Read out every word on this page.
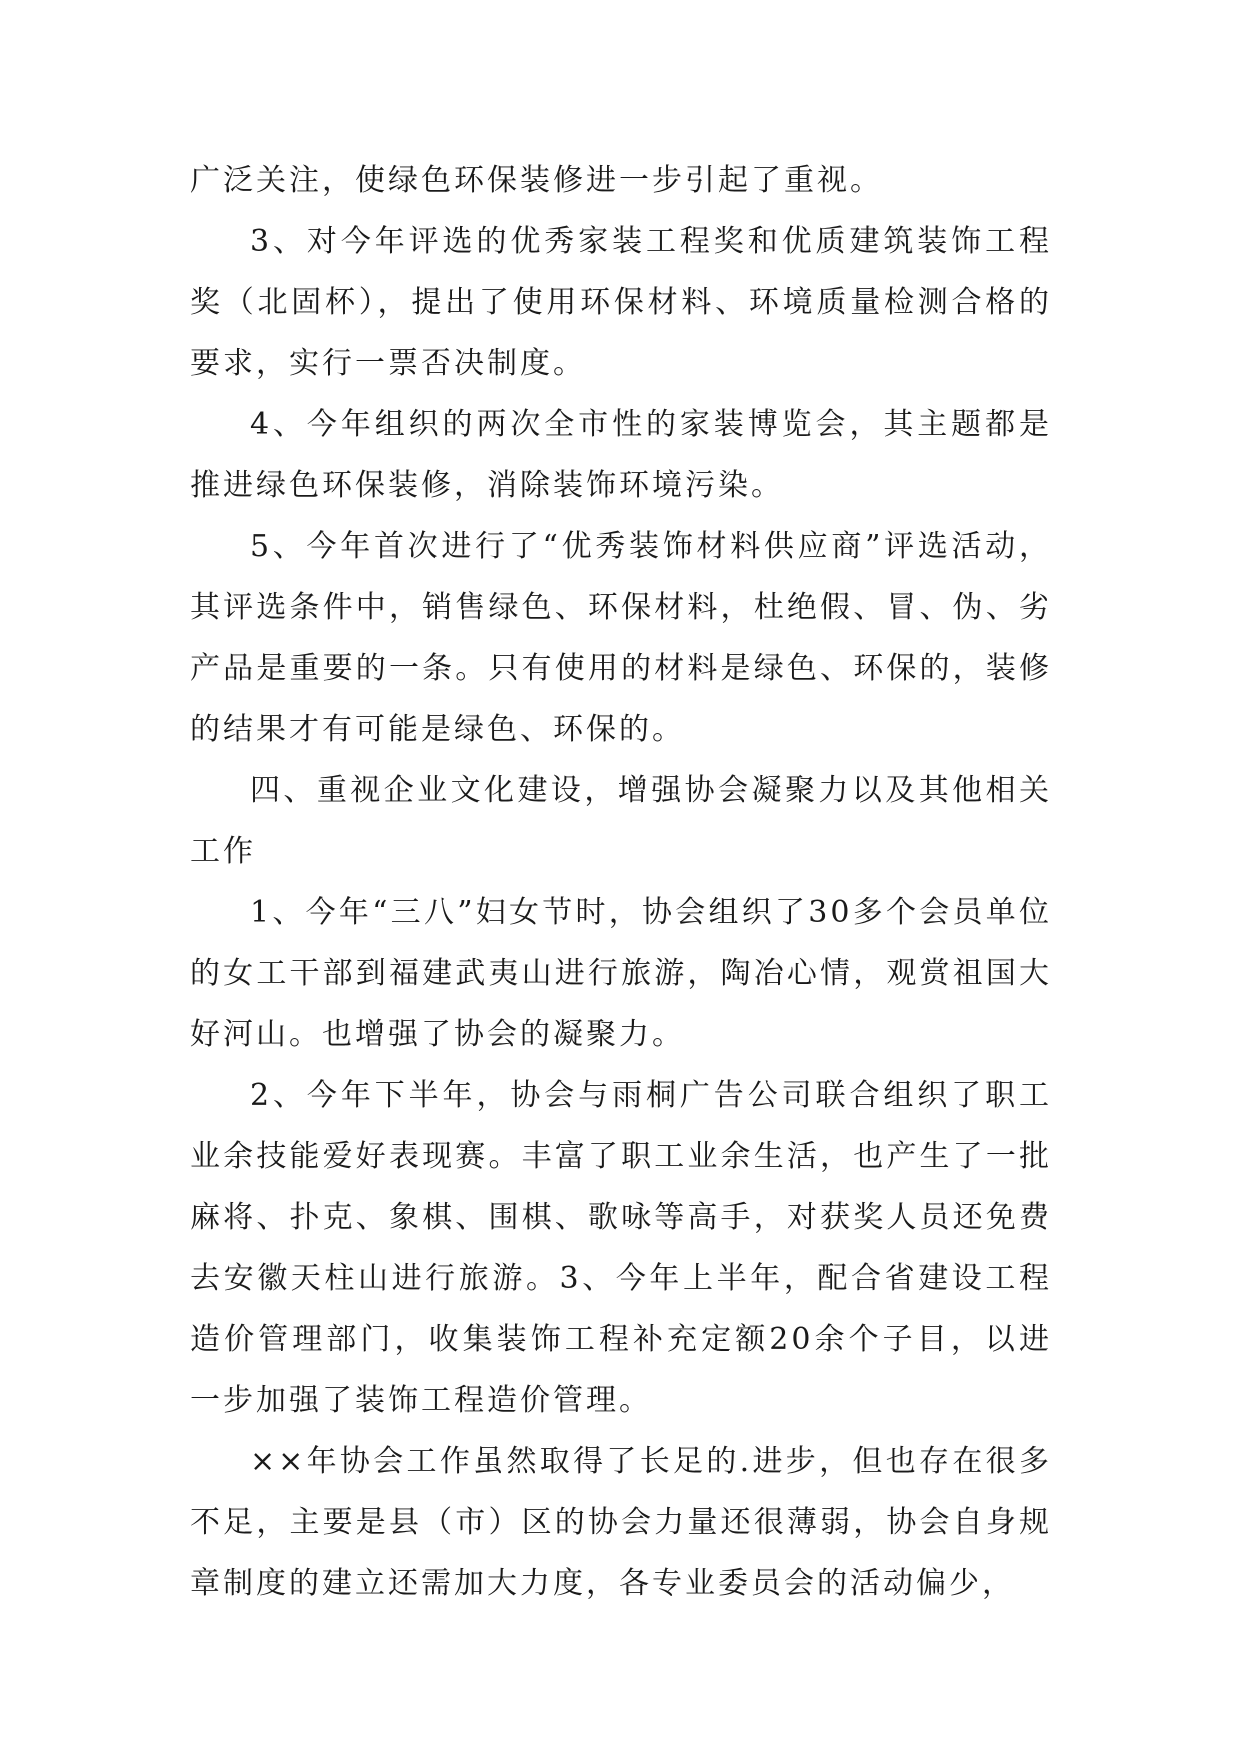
广泛关注，使绿色环保装修进一步引起了重视。

3、对今年评选的优秀家装工程奖和优质建筑装饰工程奖（北固杯），提出了使用环保材料、环境质量检测合格的要求，实行一票否决制度。

4、今年组织的两次全市性的家装博览会，其主题都是推进绿色环保装修，消除装饰环境污染。

5、今年首次进行了“优秀装饰材料供应商”评选活动，其评选条件中，销售绿色、环保材料，杜绝假、冒、伪、劣产品是重要的一条。只有使用的材料是绿色、环保的，装修的结果才有可能是绿色、环保的。

四、重视企业文化建设，增强协会凝聚力以及其他相关工作

1、今年“三八”妇女节时，协会组织了30多个会员单位的女工干部到福建武夷山进行旅游，陶冶心情，观赏祖国大好河山。也增强了协会的凝聚力。

2、今年下半年，协会与雨桐广告公司联合组织了职工业余技能爱好表现赛。丰富了职工业余生活，也产生了一批麻将、扑克、象棋、围棋、歌咏等高手，对获奖人员还免费去安徽天柱山进行旅游。3、今年上半年，配合省建设工程造价管理部门，收集装饰工程补充定额20余个子目，以进一步加强了装饰工程造价管理。

××年协会工作虽然取得了长足的.进步，但也存在很多不足，主要是县（市）区的协会力量还很薄弱，协会自身规章制度的建立还需加大力度，各专业委员会的活动偏少，
